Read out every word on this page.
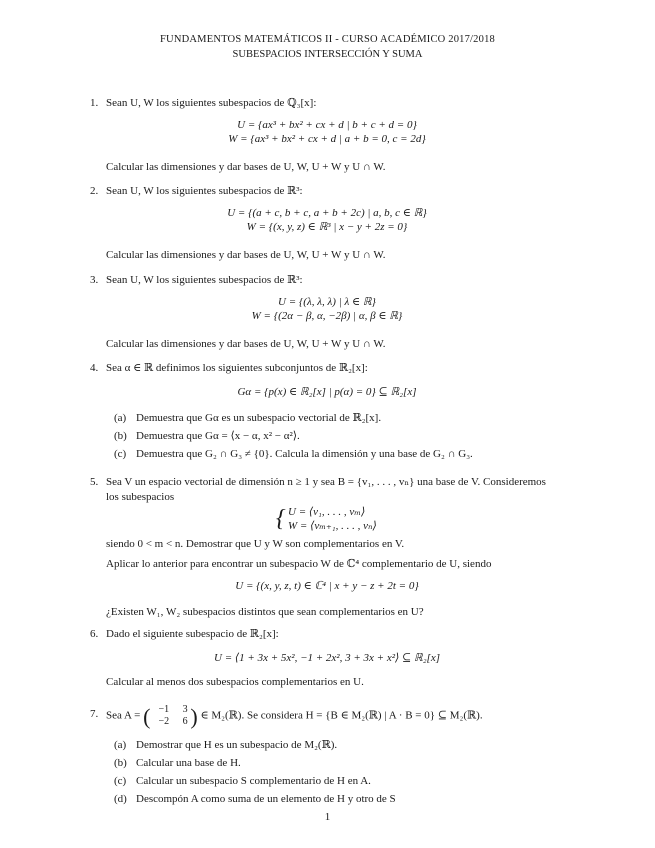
FUNDAMENTOS MATEMÁTICOS II - CURSO ACADÉMICO 2017/2018
SUBESPACIOS INTERSECCIÓN Y SUMA
1. Sean U, W los siguientes subespacios de ℚ₃[x]:
U = {ax³ + bx² + cx + d | b + c + d = 0}
W = {ax³ + bx² + cx + d | a + b = 0, c = 2d}
Calcular las dimensiones y dar bases de U, W, U + W y U ∩ W.
2. Sean U, W los siguientes subespacios de ℝ³:
U = {(a + c, b + c, a + b + 2c) | a, b, c ∈ ℝ}
W = {(x, y, z) ∈ ℝ³ | x − y + 2z = 0}
Calcular las dimensiones y dar bases de U, W, U + W y U ∩ W.
3. Sean U, W los siguientes subespacios de ℝ³:
U = {(λ, λ, λ) | λ ∈ ℝ}
W = {(2α − β, α, −2β) | α, β ∈ ℝ}
Calcular las dimensiones y dar bases de U, W, U + W y U ∩ W.
4. Sea α ∈ ℝ definimos los siguientes subconjuntos de ℝ₂[x]:
Gα = {p(x) ∈ ℝ₂[x] | p(α) = 0} ⊆ ℝ₂[x]
(a) Demuestra que Gα es un subespacio vectorial de ℝ₂[x].
(b) Demuestra que Gα = ⟨x − α, x² − α²⟩.
(c) Demuestra que G₂ ∩ G₃ ≠ {0}. Calcula la dimensión y una base de G₂ ∩ G₃.
5. Sea V un espacio vectorial de dimensión n ≥ 1 y sea B = {v₁, . . . , vₙ} una base de V. Consideremos
los subespacios
{ U = ⟨v₁, . . . , vₘ⟩
W = ⟨vₘ₊₁, . . . , vₙ⟩
siendo 0 < m < n. Demostrar que U y W son complementarios en V.
Aplicar lo anterior para encontrar un subespacio W de ℂ⁴ complementario de U, siendo
U = {(x, y, z, t) ∈ ℂ⁴ | x + y − z + 2t = 0}
¿Existen W₁, W₂ subespacios distintos que sean complementarios en U?
6. Dado el siguiente subespacio de ℝ₂[x]:
U = ⟨1 + 3x + 5x², −1 + 2x², 3 + 3x + x²⟩ ⊆ ℝ₂[x]
Calcular al menos dos subespacios complementarios en U.
7. Sea A = ( −1 3
−2 6 ) ∈ M₂(ℝ). Se considera H = {B ∈ M₂(ℝ) | A · B = 0} ⊆ M₂(ℝ).
(a) Demostrar que H es un subespacio de M₂(ℝ).
(b) Calcular una base de H.
(c) Calcular un subespacio S complementario de H en A.
(d) Descompón A como suma de un elemento de H y otro de S
1
